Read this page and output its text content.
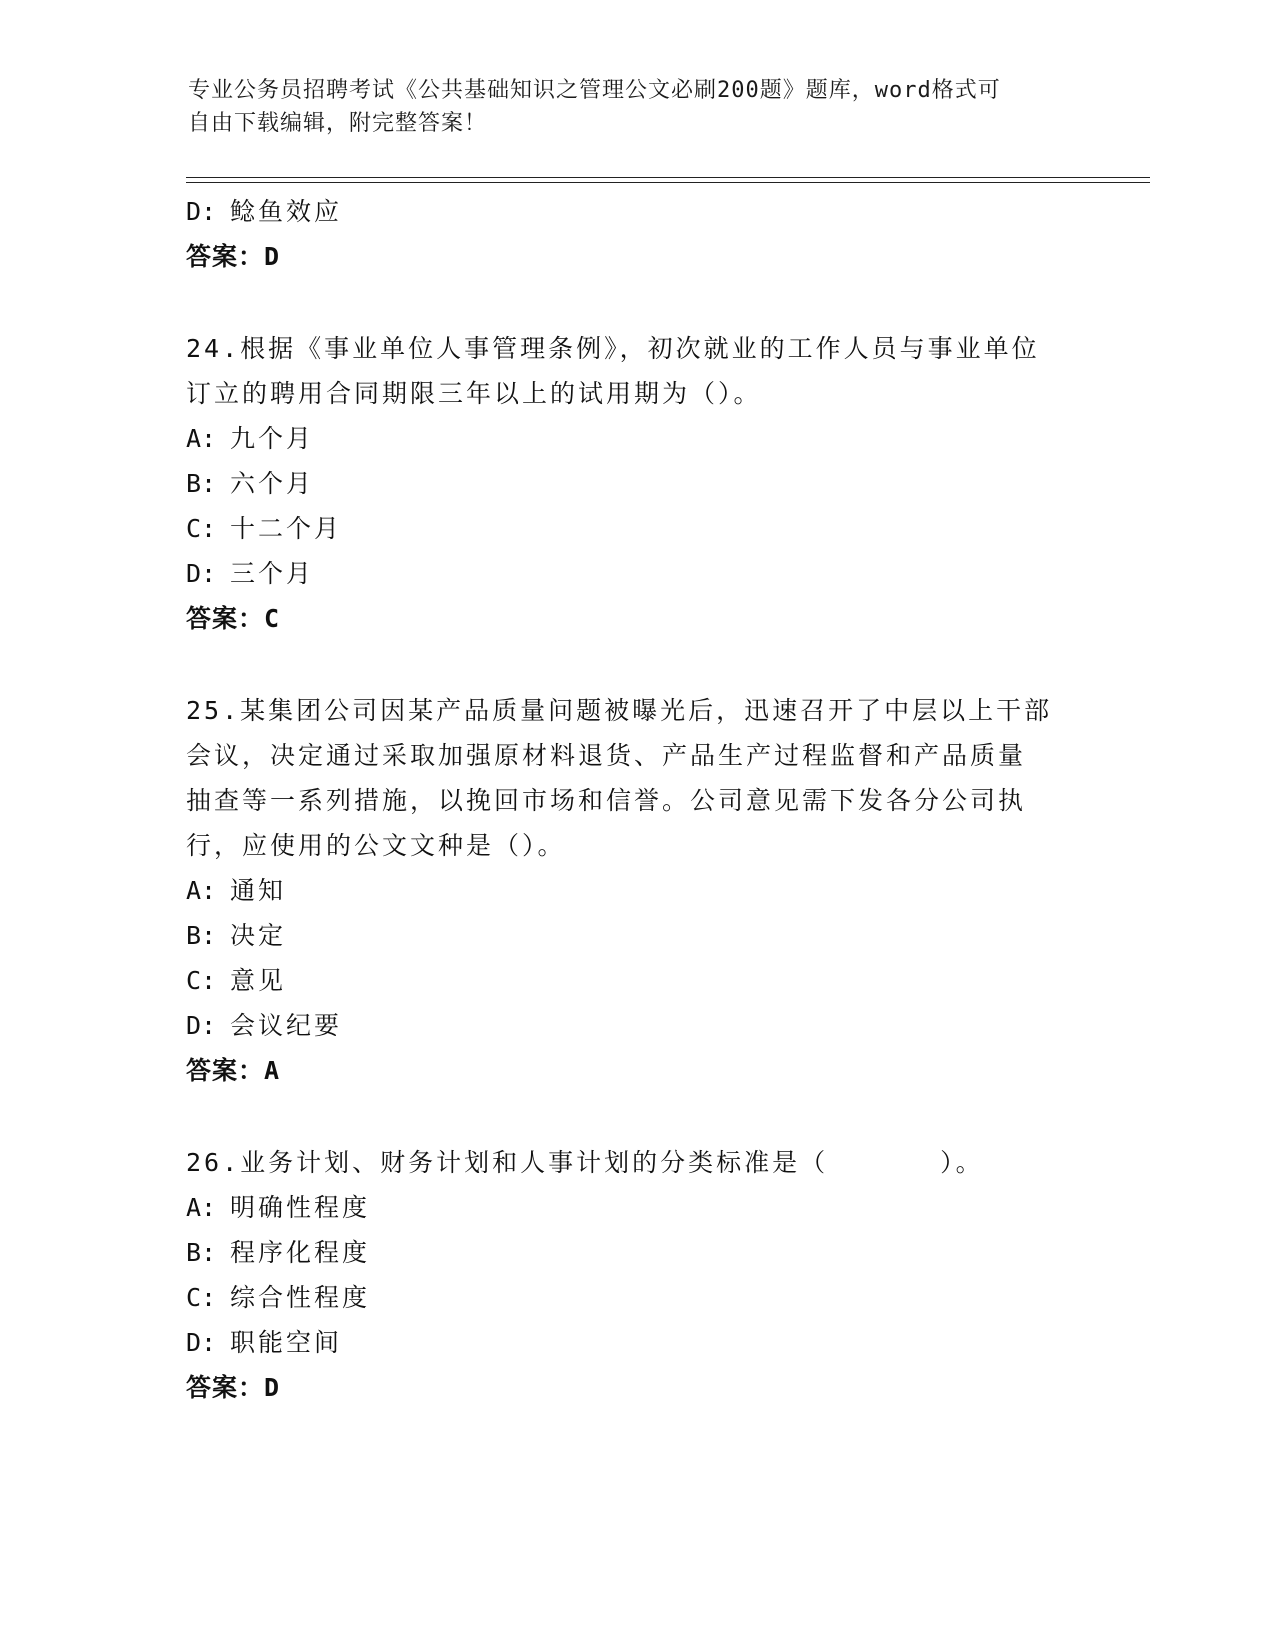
专业公务员招聘考试《公共基础知识之管理公文必刷200题》题库，word格式可
自由下载编辑，附完整答案！
D: 鲶鱼效应
答案：D
24.根据《事业单位人事管理条例》，初次就业的工作人员与事业单位
订立的聘用合同期限三年以上的试用期为（）。
A: 九个月
B: 六个月
C: 十二个月
D: 三个月
答案：C
25.某集团公司因某产品质量问题被曝光后，迅速召开了中层以上干部
会议，决定通过采取加强原材料退货、产品生产过程监督和产品质量
抽查等一系列措施，以挽回市场和信誉。公司意见需下发各分公司执
行，应使用的公文文种是（）。
A: 通知
B: 决定
C: 意见
D: 会议纪要
答案：A
26.业务计划、财务计划和人事计划的分类标准是（　　　　）。
A: 明确性程度
B: 程序化程度
C: 综合性程度
D: 职能空间
答案：D
